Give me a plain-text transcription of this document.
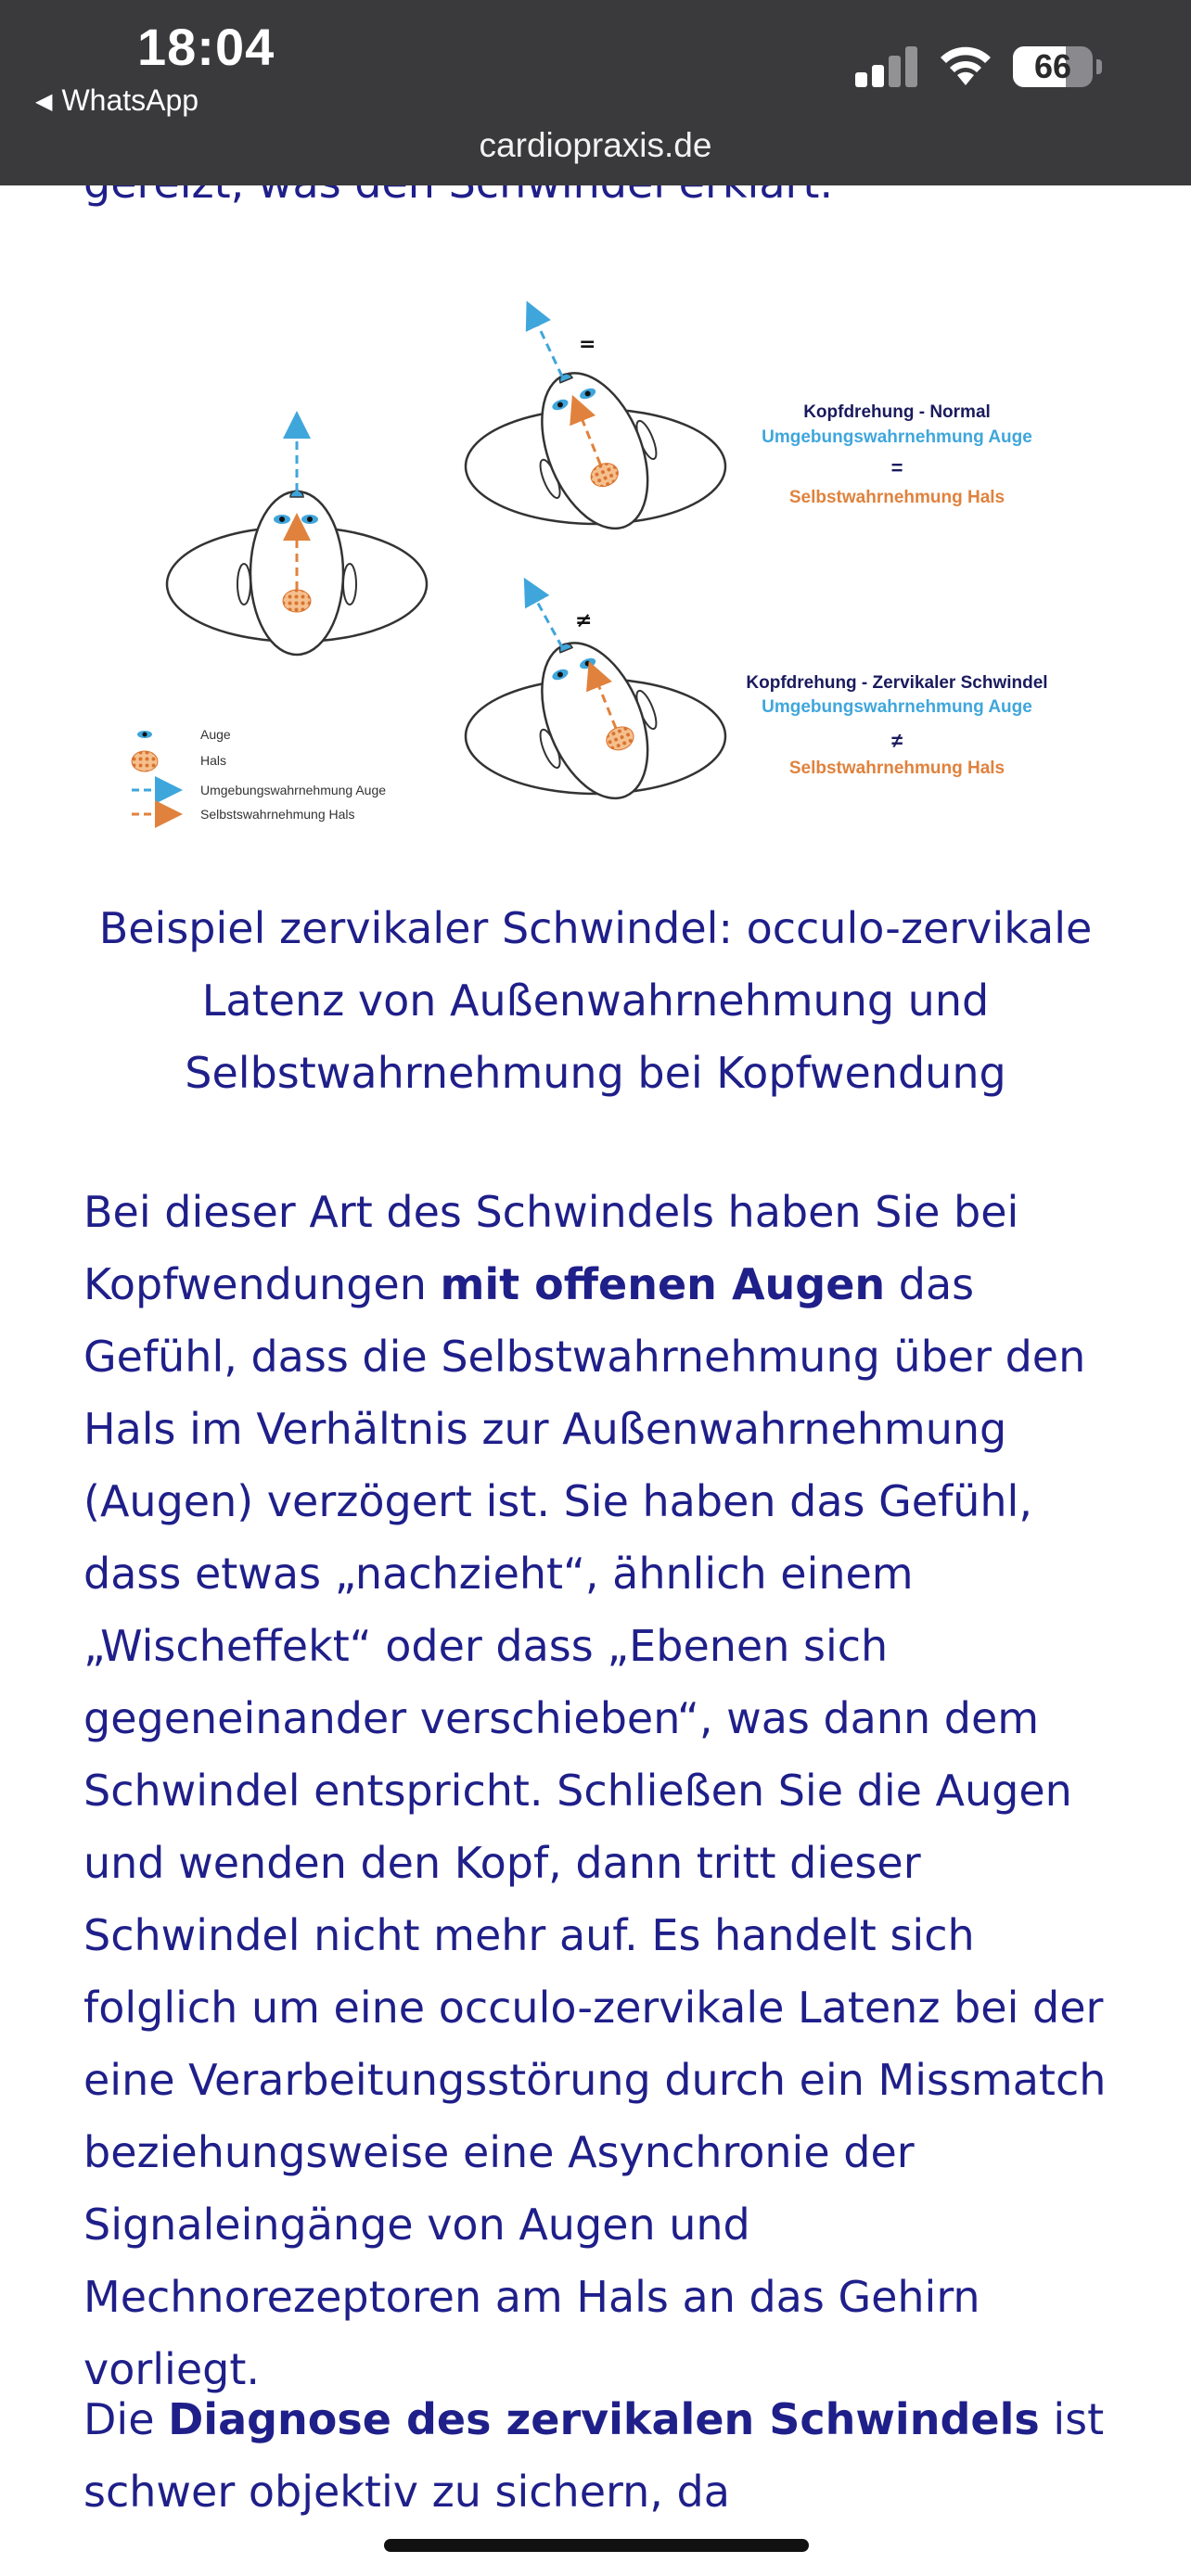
=
≠
Kopfdrehung - Normal
Umgebungswahrnehmung Auge
=
Selbstwahrnehmung Hals
Kopfdrehung - Zervikaler Schwindel
Umgebungswahrnehmung Auge
≠
Selbstwahrnehmung Hals
Auge
Hals
Umgebungswahrnehmung Auge
Selbstswahrnehmung Hals
Beispiel zervikaler Schwindel: occulo-zervikale Latenz von Außenwahrnehmung und Selbstwahrnehmung bei Kopfwendung

Bei dieser Art des Schwindels haben Sie bei Kopfwendungen mit offenen Augen das Gefühl, dass die Selbstwahrnehmung über den Hals im Verhältnis zur Außenwahrnehmung (Augen) verzögert ist. Sie haben das Gefühl, dass etwas „nachzieht“, ähnlich einem „Wischeffekt“ oder dass „Ebenen sich gegeneinander verschieben“, was dann dem Schwindel entspricht. Schließen Sie die Augen und wenden den Kopf, dann tritt dieser Schwindel nicht mehr auf. Es handelt sich folglich um eine occulo-zervikale Latenz bei der eine Verarbeitungsstörung durch ein Missmatch beziehungsweise eine Asynchronie der Signaleingänge von Augen und Mechnorezeptoren am Hals an das Gehirn vorliegt.

Die Diagnose des zervikalen Schwindels ist schwer objektiv zu sichern, da

18:04
◀ WhatsApp
66
cardiopraxis.de
